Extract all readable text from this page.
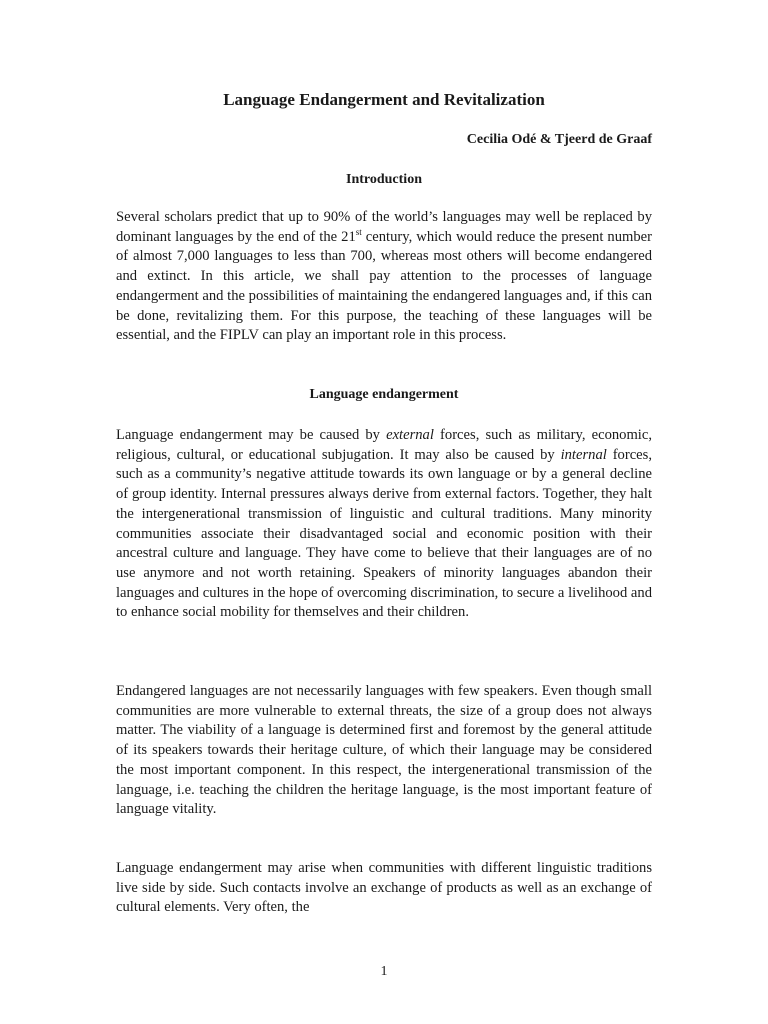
Language Endangerment and Revitalization
Cecilia Odé & Tjeerd de Graaf
Introduction

Several scholars predict that up to 90% of the world’s languages may well be replaced by dominant languages by the end of the 21st century, which would reduce the present number of almost 7,000 languages to less than 700, whereas most others will become endangered and extinct. In this article, we shall pay attention to the processes of language endangerment and the possibilities of maintaining the endangered languages and, if this can be done, revitalizing them. For this purpose, the teaching of these languages will be essential, and the FIPLV can play an important role in this process.

Language endangerment

Language endangerment may be caused by external forces, such as military, economic, religious, cultural, or educational subjugation. It may also be caused by internal forces, such as a community’s negative attitude towards its own language or by a general decline of group identity. Internal pressures always derive from external factors. Together, they halt the intergenerational transmission of linguistic and cultural traditions. Many minority communities associate their disadvantaged social and economic position with their ancestral culture and language. They have come to believe that their languages are of no use anymore and not worth retaining. Speakers of minority languages abandon their languages and cultures in the hope of overcoming discrimination, to secure a livelihood and to enhance social mobility for themselves and their children.

Endangered languages are not necessarily languages with few speakers. Even though small communities are more vulnerable to external threats, the size of a group does not always matter. The viability of a language is determined first and foremost by the general attitude of its speakers towards their heritage culture, of which their language may be considered the most important component. In this respect, the intergenerational transmission of the language, i.e. teaching the children the heritage language, is the most important feature of language vitality.

Language endangerment may arise when communities with different linguistic traditions live side by side. Such contacts involve an exchange of products as well as an exchange of cultural elements. Very often, the

1
